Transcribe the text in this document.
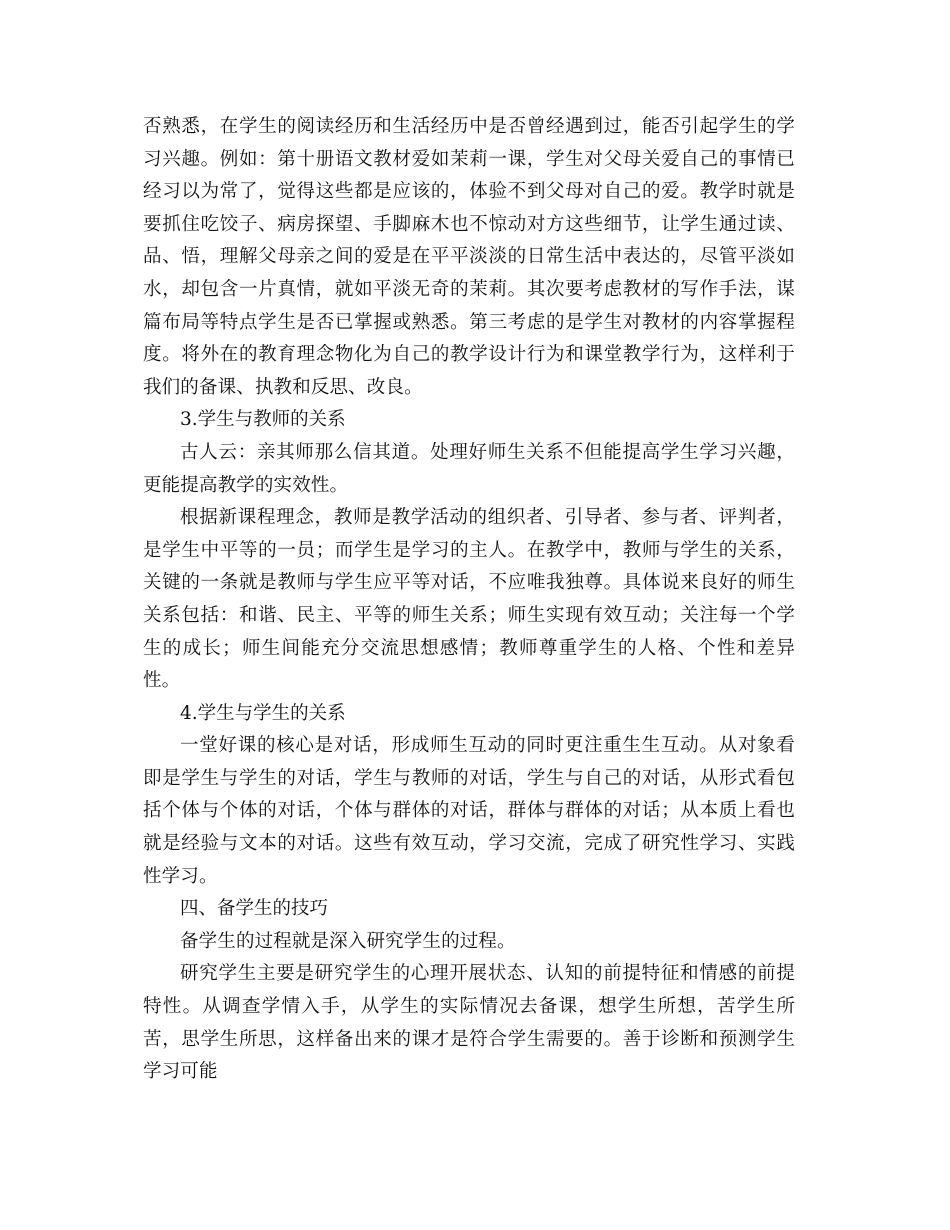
否熟悉，在学生的阅读经历和生活经历中是否曾经遇到过，能否引起学生的学习兴趣。例如：第十册语文教材爱如茉莉一课，学生对父母关爱自己的事情已经习以为常了，觉得这些都是应该的，体验不到父母对自己的爱。教学时就是要抓住吃饺子、病房探望、手脚麻木也不惊动对方这些细节，让学生通过读、品、悟，理解父母亲之间的爱是在平平淡淡的日常生活中表达的，尽管平淡如水，却包含一片真情，就如平淡无奇的茉莉。其次要考虑教材的写作手法，谋篇布局等特点学生是否已掌握或熟悉。第三考虑的是学生对教材的内容掌握程度。将外在的教育理念物化为自己的教学设计行为和课堂教学行为，这样利于我们的备课、执教和反思、改良。

3.学生与教师的关系

古人云：亲其师那么信其道。处理好师生关系不但能提高学生学习兴趣，更能提高教学的实效性。

根据新课程理念，教师是教学活动的组织者、引导者、参与者、评判者，是学生中平等的一员；而学生是学习的主人。在教学中，教师与学生的关系，关键的一条就是教师与学生应平等对话，不应唯我独尊。具体说来良好的师生关系包括：和谐、民主、平等的师生关系；师生实现有效互动；关注每一个学生的成长；师生间能充分交流思想感情；教师尊重学生的人格、个性和差异性。

4.学生与学生的关系

一堂好课的核心是对话，形成师生互动的同时更注重生生互动。从对象看即是学生与学生的对话，学生与教师的对话，学生与自己的对话，从形式看包括个体与个体的对话，个体与群体的对话，群体与群体的对话；从本质上看也就是经验与文本的对话。这些有效互动，学习交流，完成了研究性学习、实践性学习。

四、备学生的技巧

备学生的过程就是深入研究学生的过程。

研究学生主要是研究学生的心理开展状态、认知的前提特征和情感的前提特性。从调查学情入手，从学生的实际情况去备课，想学生所想，苦学生所苦，思学生所思，这样备出来的课才是符合学生需要的。善于诊断和预测学生学习可能
